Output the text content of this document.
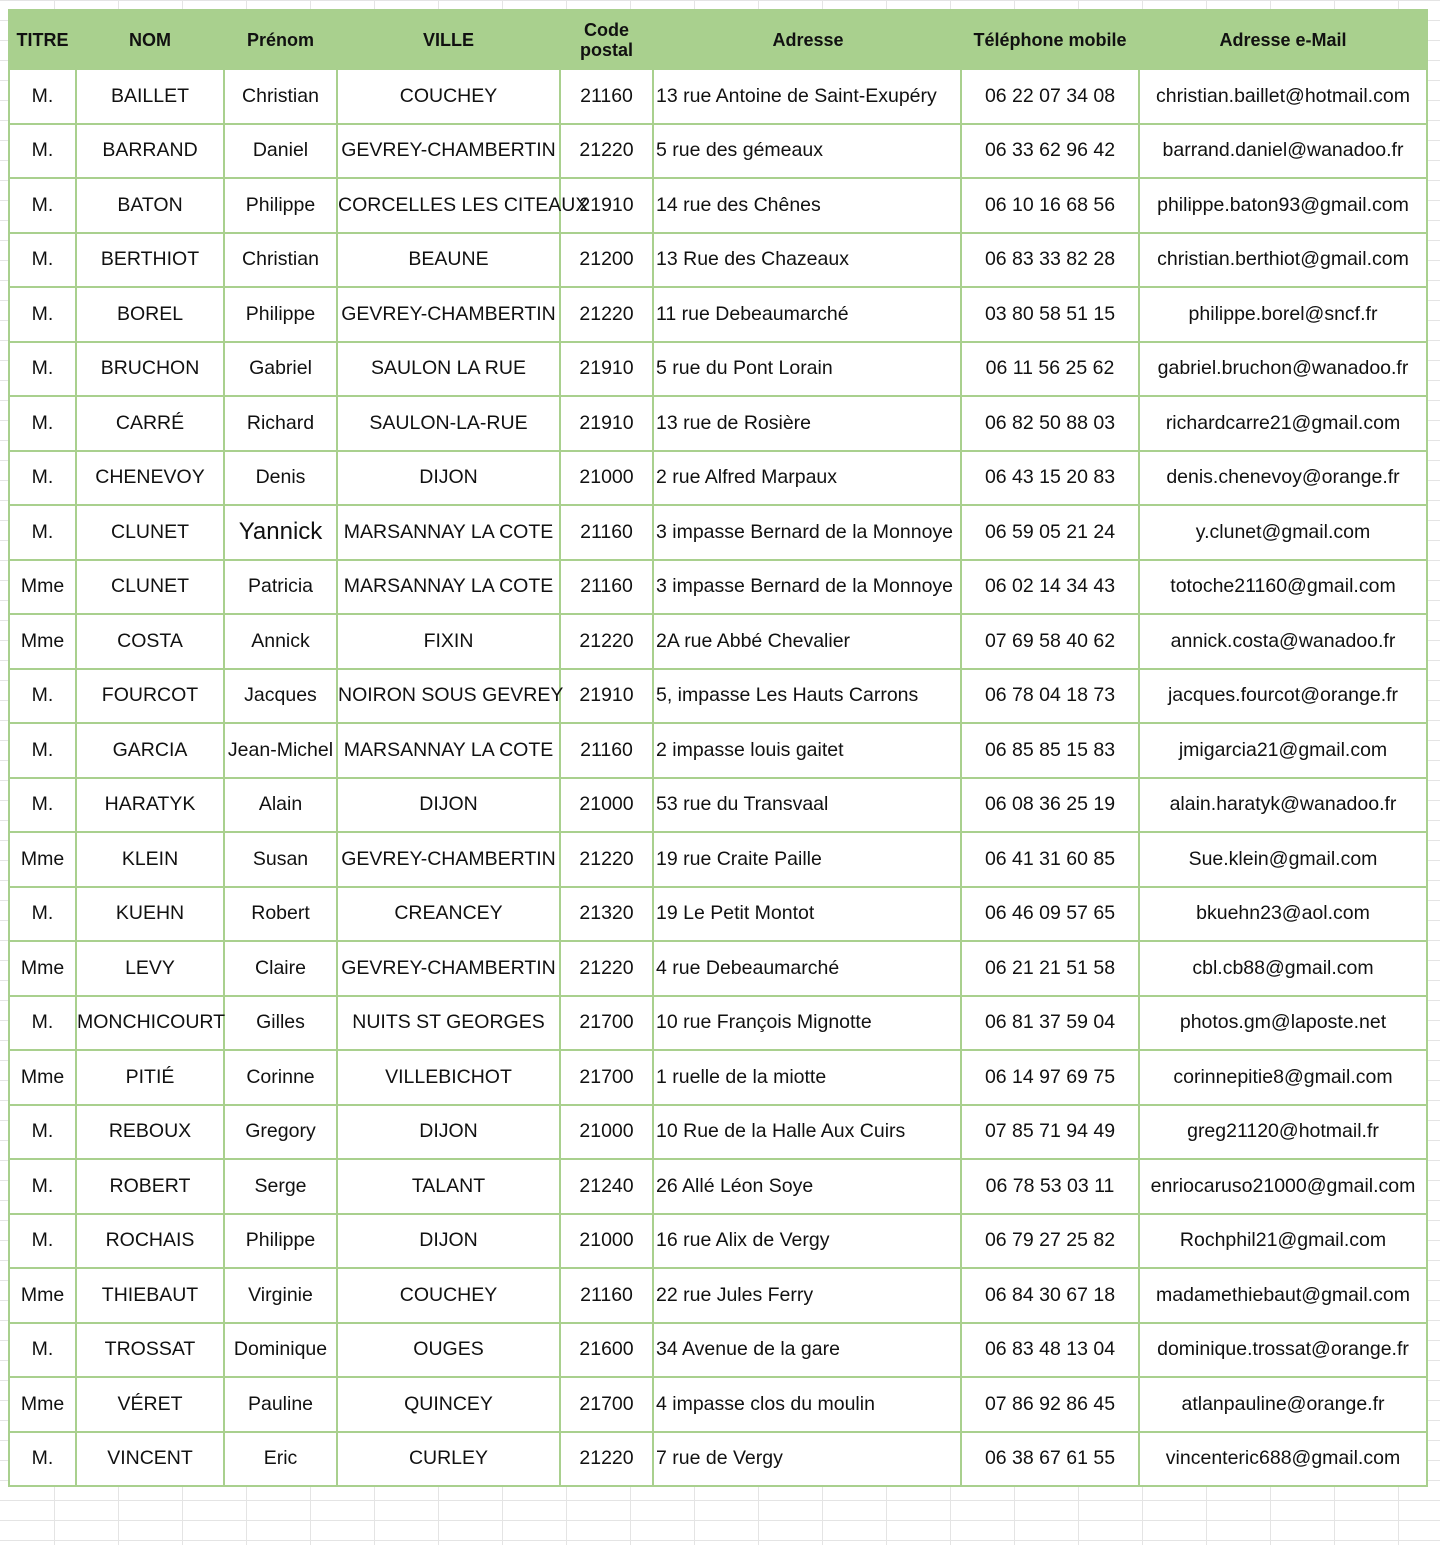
TITRE	NOM	Prénom	VILLE	Code postal	Adresse	Téléphone mobile	Adresse e-Mail
M.	BAILLET	Christian	COUCHEY	21160	13 rue Antoine de Saint-Exupéry	06 22 07 34 08	christian.baillet@hotmail.com
M.	BARRAND	Daniel	GEVREY-CHAMBERTIN	21220	5 rue des gémeaux	06 33 62 96 42	barrand.daniel@wanadoo.fr
M.	BATON	Philippe	CORCELLES LES CITEAUX	21910	14 rue des Chênes	06 10 16 68 56	philippe.baton93@gmail.com
M.	BERTHIOT	Christian	BEAUNE	21200	13 Rue des Chazeaux	06 83 33 82 28	christian.berthiot@gmail.com
M.	BOREL	Philippe	GEVREY-CHAMBERTIN	21220	11 rue Debeaumarché	03 80 58 51 15	philippe.borel@sncf.fr
M.	BRUCHON	Gabriel	SAULON LA RUE	21910	5 rue du Pont Lorain	06 11 56 25 62	gabriel.bruchon@wanadoo.fr
M.	CARRÉ	Richard	SAULON-LA-RUE	21910	13 rue de Rosière	06 82 50 88 03	richardcarre21@gmail.com
M.	CHENEVOY	Denis	DIJON	21000	2 rue Alfred Marpaux	06 43 15 20 83	denis.chenevoy@orange.fr
M.	CLUNET	Yannick	MARSANNAY LA COTE	21160	3 impasse Bernard de la Monnoye	06 59 05 21 24	y.clunet@gmail.com
Mme	CLUNET	Patricia	MARSANNAY LA COTE	21160	3 impasse Bernard de la Monnoye	06 02 14 34 43	totoche21160@gmail.com
Mme	COSTA	Annick	FIXIN	21220	2A rue Abbé Chevalier	07 69 58 40 62	annick.costa@wanadoo.fr
M.	FOURCOT	Jacques	NOIRON SOUS GEVREY	21910	5, impasse Les Hauts Carrons	06 78 04 18 73	jacques.fourcot@orange.fr
M.	GARCIA	Jean-Michel	MARSANNAY LA COTE	21160	2 impasse louis gaitet	06 85 85 15 83	jmigarcia21@gmail.com
M.	HARATYK	Alain	DIJON	21000	53 rue du Transvaal	06 08 36 25 19	alain.haratyk@wanadoo.fr
Mme	KLEIN	Susan	GEVREY-CHAMBERTIN	21220	19 rue Craite Paille	06 41 31 60 85	Sue.klein@gmail.com
M.	KUEHN	Robert	CREANCEY	21320	19 Le Petit Montot	06 46 09 57 65	bkuehn23@aol.com
Mme	LEVY	Claire	GEVREY-CHAMBERTIN	21220	4 rue Debeaumarché	06 21 21 51 58	cbl.cb88@gmail.com
M.	MONCHICOURT	Gilles	NUITS ST GEORGES	21700	10 rue François Mignotte	06 81 37 59 04	photos.gm@laposte.net
Mme	PITIÉ	Corinne	VILLEBICHOT	21700	1 ruelle de la miotte	06 14 97 69 75	corinnepitie8@gmail.com
M.	REBOUX	Gregory	DIJON	21000	10 Rue de la Halle Aux Cuirs	07 85 71 94 49	greg21120@hotmail.fr
M.	ROBERT	Serge	TALANT	21240	26 Allé Léon Soye	06 78 53 03 11	enriocaruso21000@gmail.com
M.	ROCHAIS	Philippe	DIJON	21000	16 rue Alix de Vergy	06 79 27 25 82	Rochphil21@gmail.com
Mme	THIEBAUT	Virginie	COUCHEY	21160	22 rue Jules Ferry	06 84 30 67 18	madamethiebaut@gmail.com
M.	TROSSAT	Dominique	OUGES	21600	34 Avenue de la gare	06 83 48 13 04	dominique.trossat@orange.fr
Mme	VÉRET	Pauline	QUINCEY	21700	4 impasse clos du moulin	07 86 92 86 45	atlanpauline@orange.fr
M.	VINCENT	Eric	CURLEY	21220	7 rue de Vergy	06 38 67 61 55	vincenteric688@gmail.com
